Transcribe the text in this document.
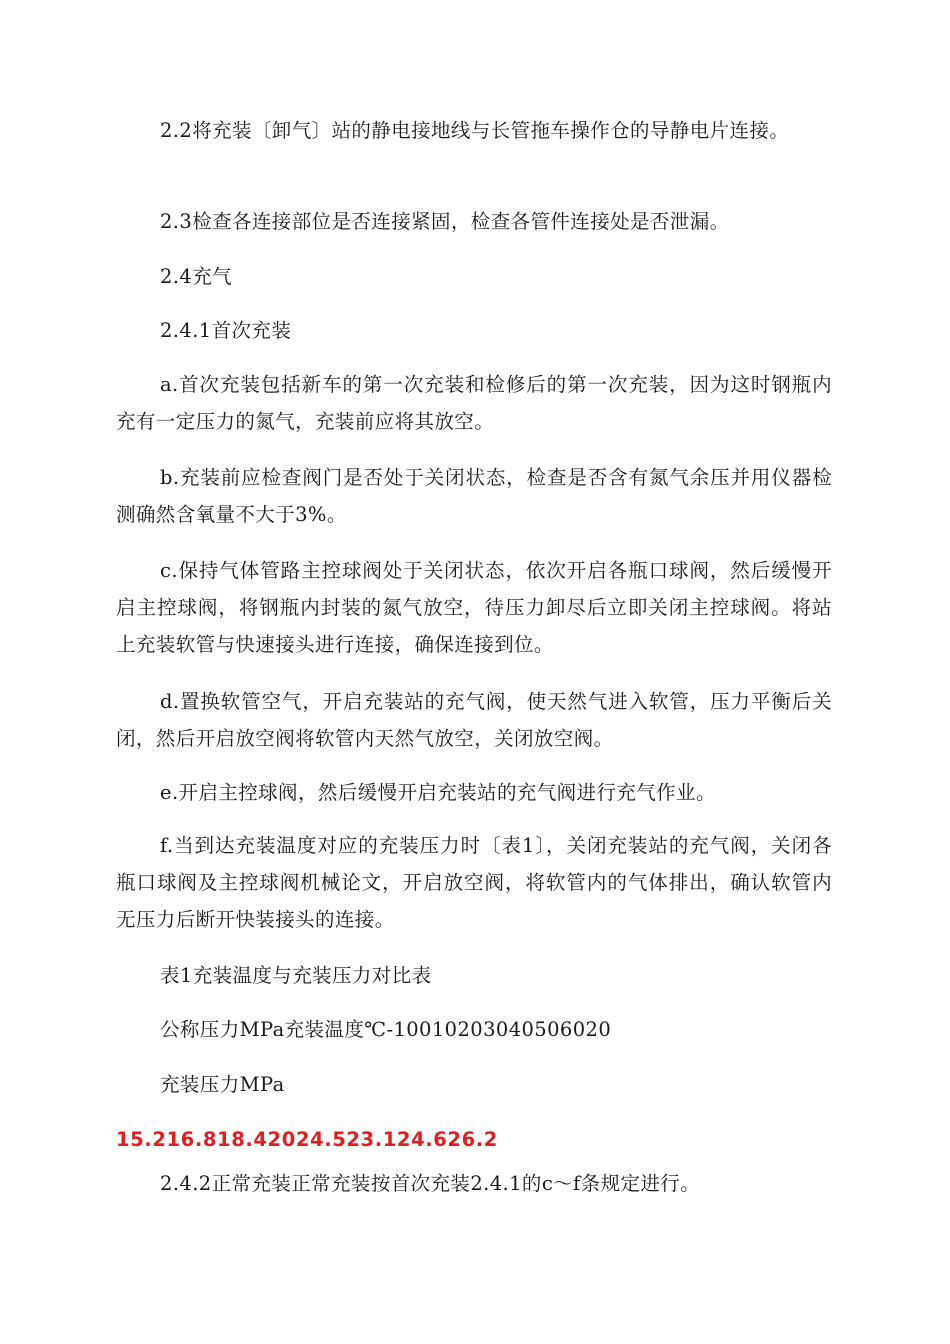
2.2将充装〔卸气〕站的静电接地线与长管拖车操作仓的导静电片连接。

2.3检查各连接部位是否连接紧固，检查各管件连接处是否泄漏。

2.4充气

2.4.1首次充装

a.首次充装包括新车的第一次充装和检修后的第一次充装，因为这时钢瓶内充有一定压力的氮气，充装前应将其放空。

b.充装前应检查阀门是否处于关闭状态，检查是否含有氮气余压并用仪器检测确然含氧量不大于3%。

c.保持气体管路主控球阀处于关闭状态，依次开启各瓶口球阀，然后缓慢开启主控球阀，将钢瓶内封装的氮气放空，待压力卸尽后立即关闭主控球阀。将站上充装软管与快速接头进行连接，确保连接到位。

d.置换软管空气，开启充装站的充气阀，使天然气进入软管，压力平衡后关闭，然后开启放空阀将软管内天然气放空，关闭放空阀。

e.开启主控球阀，然后缓慢开启充装站的充气阀进行充气作业。

f.当到达充装温度对应的充装压力时〔表1〕，关闭充装站的充气阀，关闭各瓶口球阀及主控球阀机械论文，开启放空阀，将软管内的气体排出，确认软管内无压力后断开快装接头的连接。

表1充装温度与充装压力对比表

公称压力MPa充装温度℃-10010203040506020

充装压力MPa

15.216.818.42024.523.124.626.2

2.4.2正常充装正常充装按首次充装2.4.1的c～f条规定进行。
